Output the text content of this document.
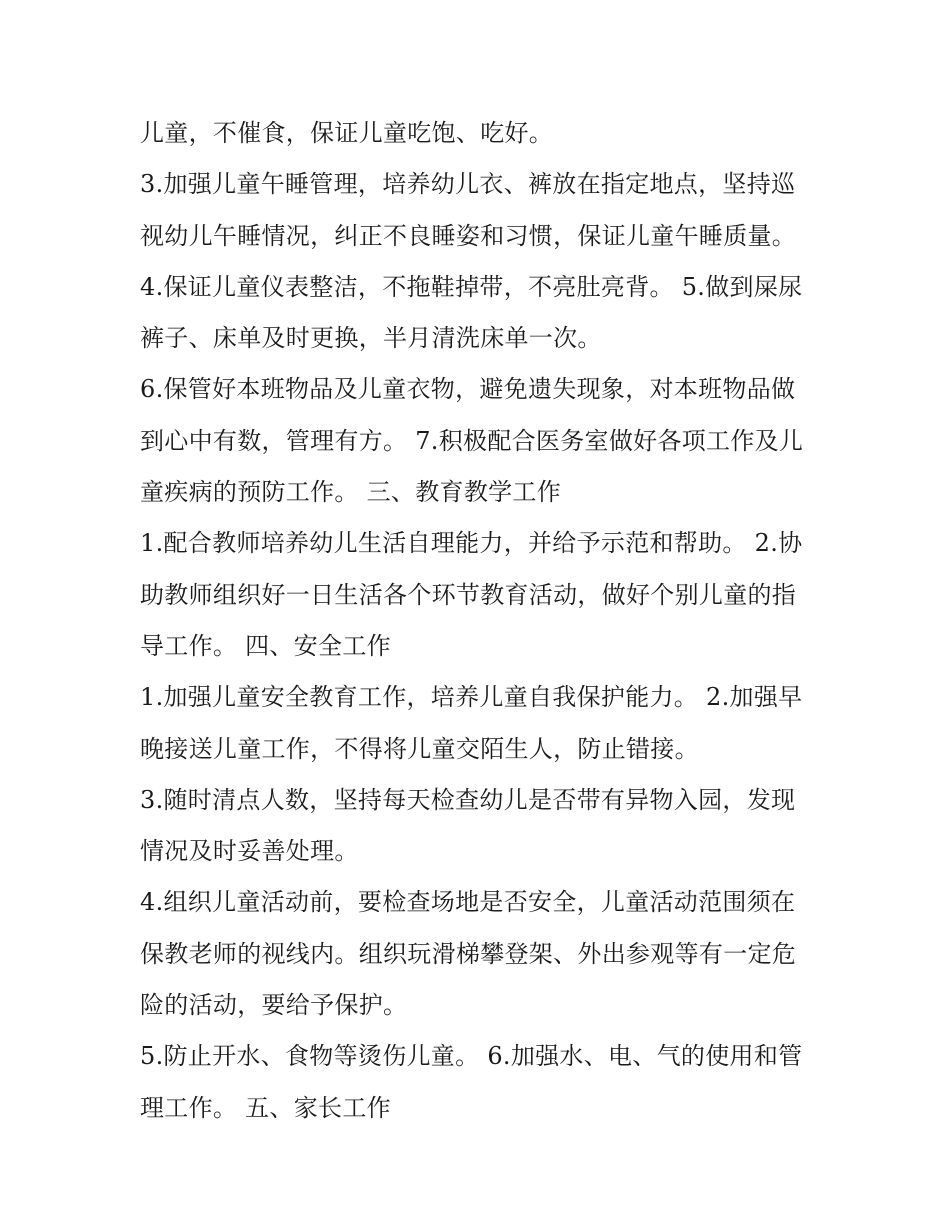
儿童，不催食，保证儿童吃饱、吃好。
3.加强儿童午睡管理，培养幼儿衣、裤放在指定地点，坚持巡
视幼儿午睡情况，纠正不良睡姿和习惯，保证儿童午睡质量。
4.保证儿童仪表整洁，不拖鞋掉带，不亮肚亮背。 5.做到屎尿
裤子、床单及时更换，半月清洗床单一次。
6.保管好本班物品及儿童衣物，避免遗失现象，对本班物品做
到心中有数，管理有方。 7.积极配合医务室做好各项工作及儿
童疾病的预防工作。 三、教育教学工作
1.配合教师培养幼儿生活自理能力，并给予示范和帮助。 2.协
助教师组织好一日生活各个环节教育活动，做好个别儿童的指
导工作。 四、安全工作
1.加强儿童安全教育工作，培养儿童自我保护能力。 2.加强早
晚接送儿童工作，不得将儿童交陌生人，防止错接。
3.随时清点人数，坚持每天检查幼儿是否带有异物入园，发现
情况及时妥善处理。
4.组织儿童活动前，要检查场地是否安全，儿童活动范围须在
保教老师的视线内。组织玩滑梯攀登架、外出参观等有一定危
险的活动，要给予保护。
5.防止开水、食物等烫伤儿童。 6.加强水、电、气的使用和管
理工作。 五、家长工作
